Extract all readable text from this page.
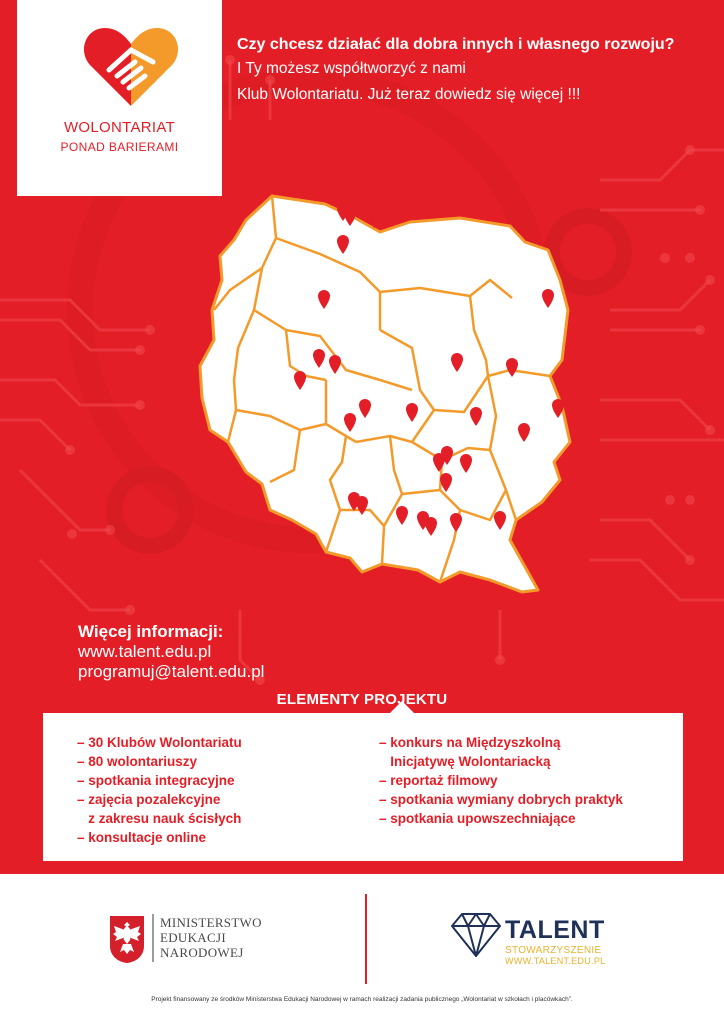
WOLONTARIAT
PONAD BARIERAMI
Czy chcesz działać dla dobra innych i własnego rozwoju?
I Ty możesz współtworzyć z nami
Klub Wolontariatu. Już teraz dowiedz się więcej !!!
Więcej informacji:
www.talent.edu.pl
programuj@talent.edu.pl
ELEMENTY PROJEKTU
– 30 Klubów Wolontariatu
– 80 wolontariuszy
– spotkania integracyjne
– zajęcia pozalekcyjne
z zakresu nauk ścisłych
– konsultacje online
– konkurs na Międzyszkolną
Inicjatywę Wolontariacką
– reportaż filmowy
– spotkania wymiany dobrych praktyk
– spotkania upowszechniające
MINISTERSTWO
EDUKACJI
NARODOWEJ
TALENT
STOWARZYSZENIE
WWW.TALENT.EDU.PL
Projekt finansowany ze środków Ministerstwa Edukacji Narodowej w ramach realizacji zadania publicznego „Wolontariat w szkołach i placówkach”.
